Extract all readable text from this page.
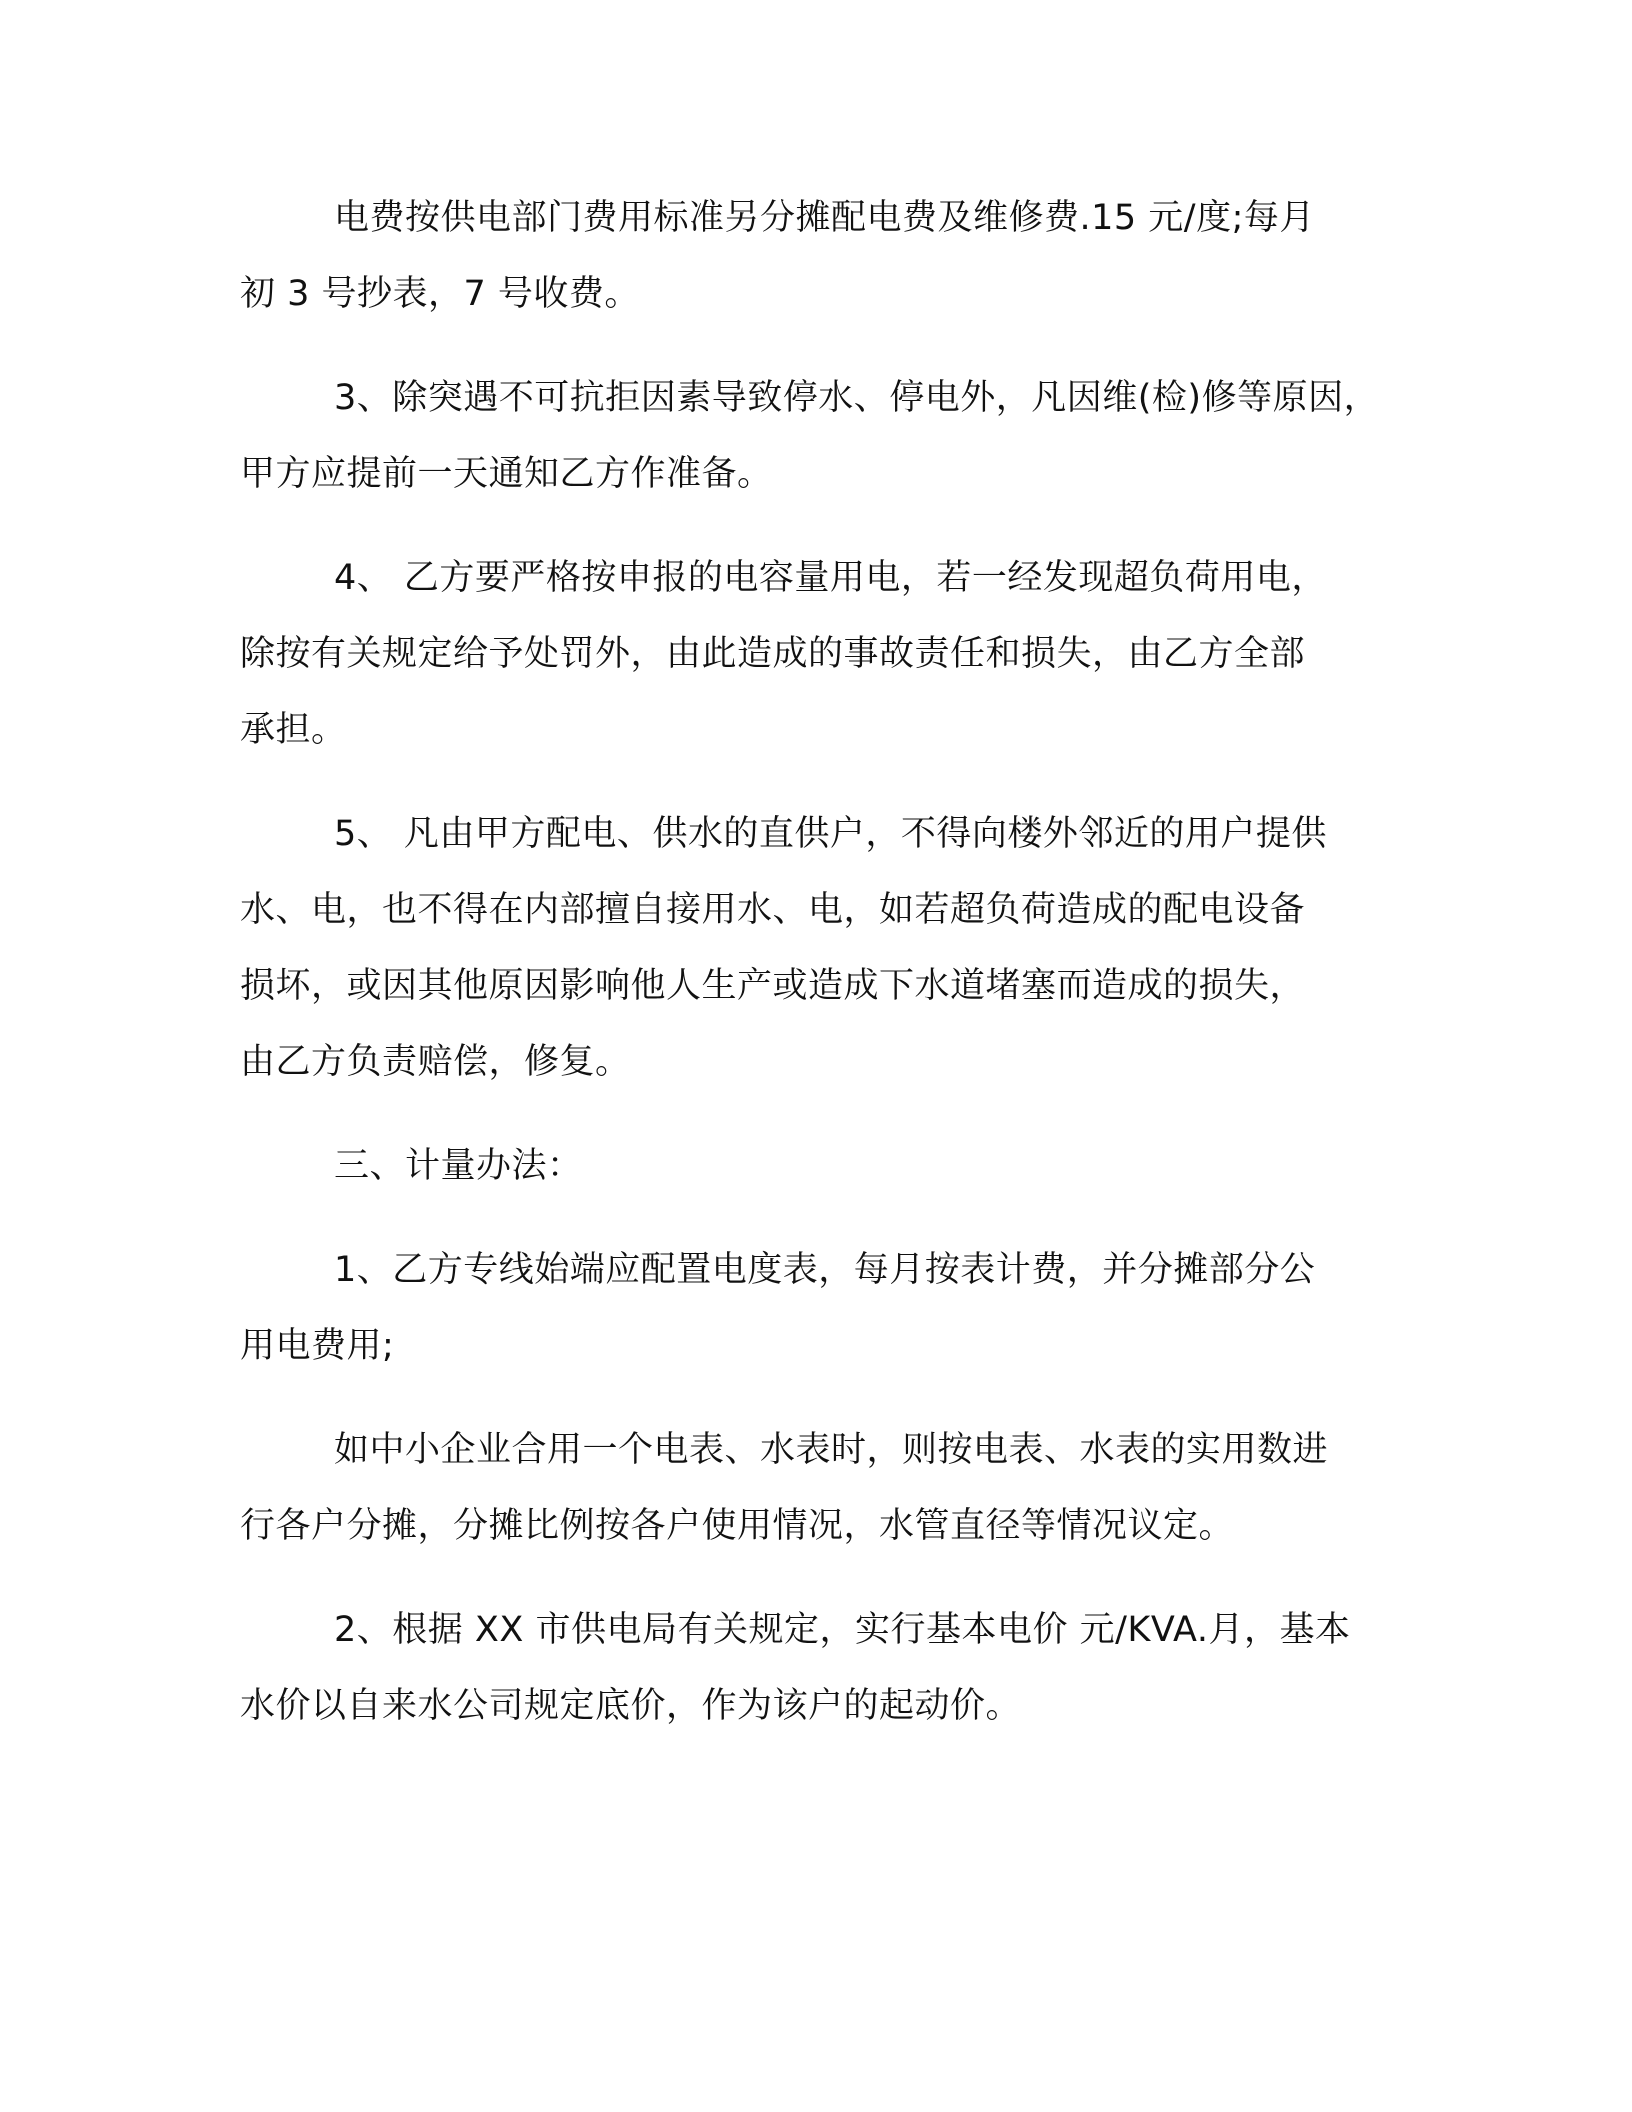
电费按供电部门费用标准另分摊配电费及维修费.15 元/度;每月
初 3 号抄表，7 号收费。
3、除突遇不可抗拒因素导致停水、停电外，凡因维(检)修等原因，
甲方应提前一天通知乙方作准备。
4、 乙方要严格按申报的电容量用电，若一经发现超负荷用电，
除按有关规定给予处罚外，由此造成的事故责任和损失，由乙方全部
承担。
5、 凡由甲方配电、供水的直供户，不得向楼外邻近的用户提供
水、电，也不得在内部擅自接用水、电，如若超负荷造成的配电设备
损坏，或因其他原因影响他人生产或造成下水道堵塞而造成的损失，
由乙方负责赔偿，修复。
三、计量办法：
1、乙方专线始端应配置电度表，每月按表计费，并分摊部分公
用电费用;
如中小企业合用一个电表、水表时，则按电表、水表的实用数进
行各户分摊，分摊比例按各户使用情况，水管直径等情况议定。
2、根据 XX 市供电局有关规定，实行基本电价 元/KVA.月，基本
水价以自来水公司规定底价，作为该户的起动价。
